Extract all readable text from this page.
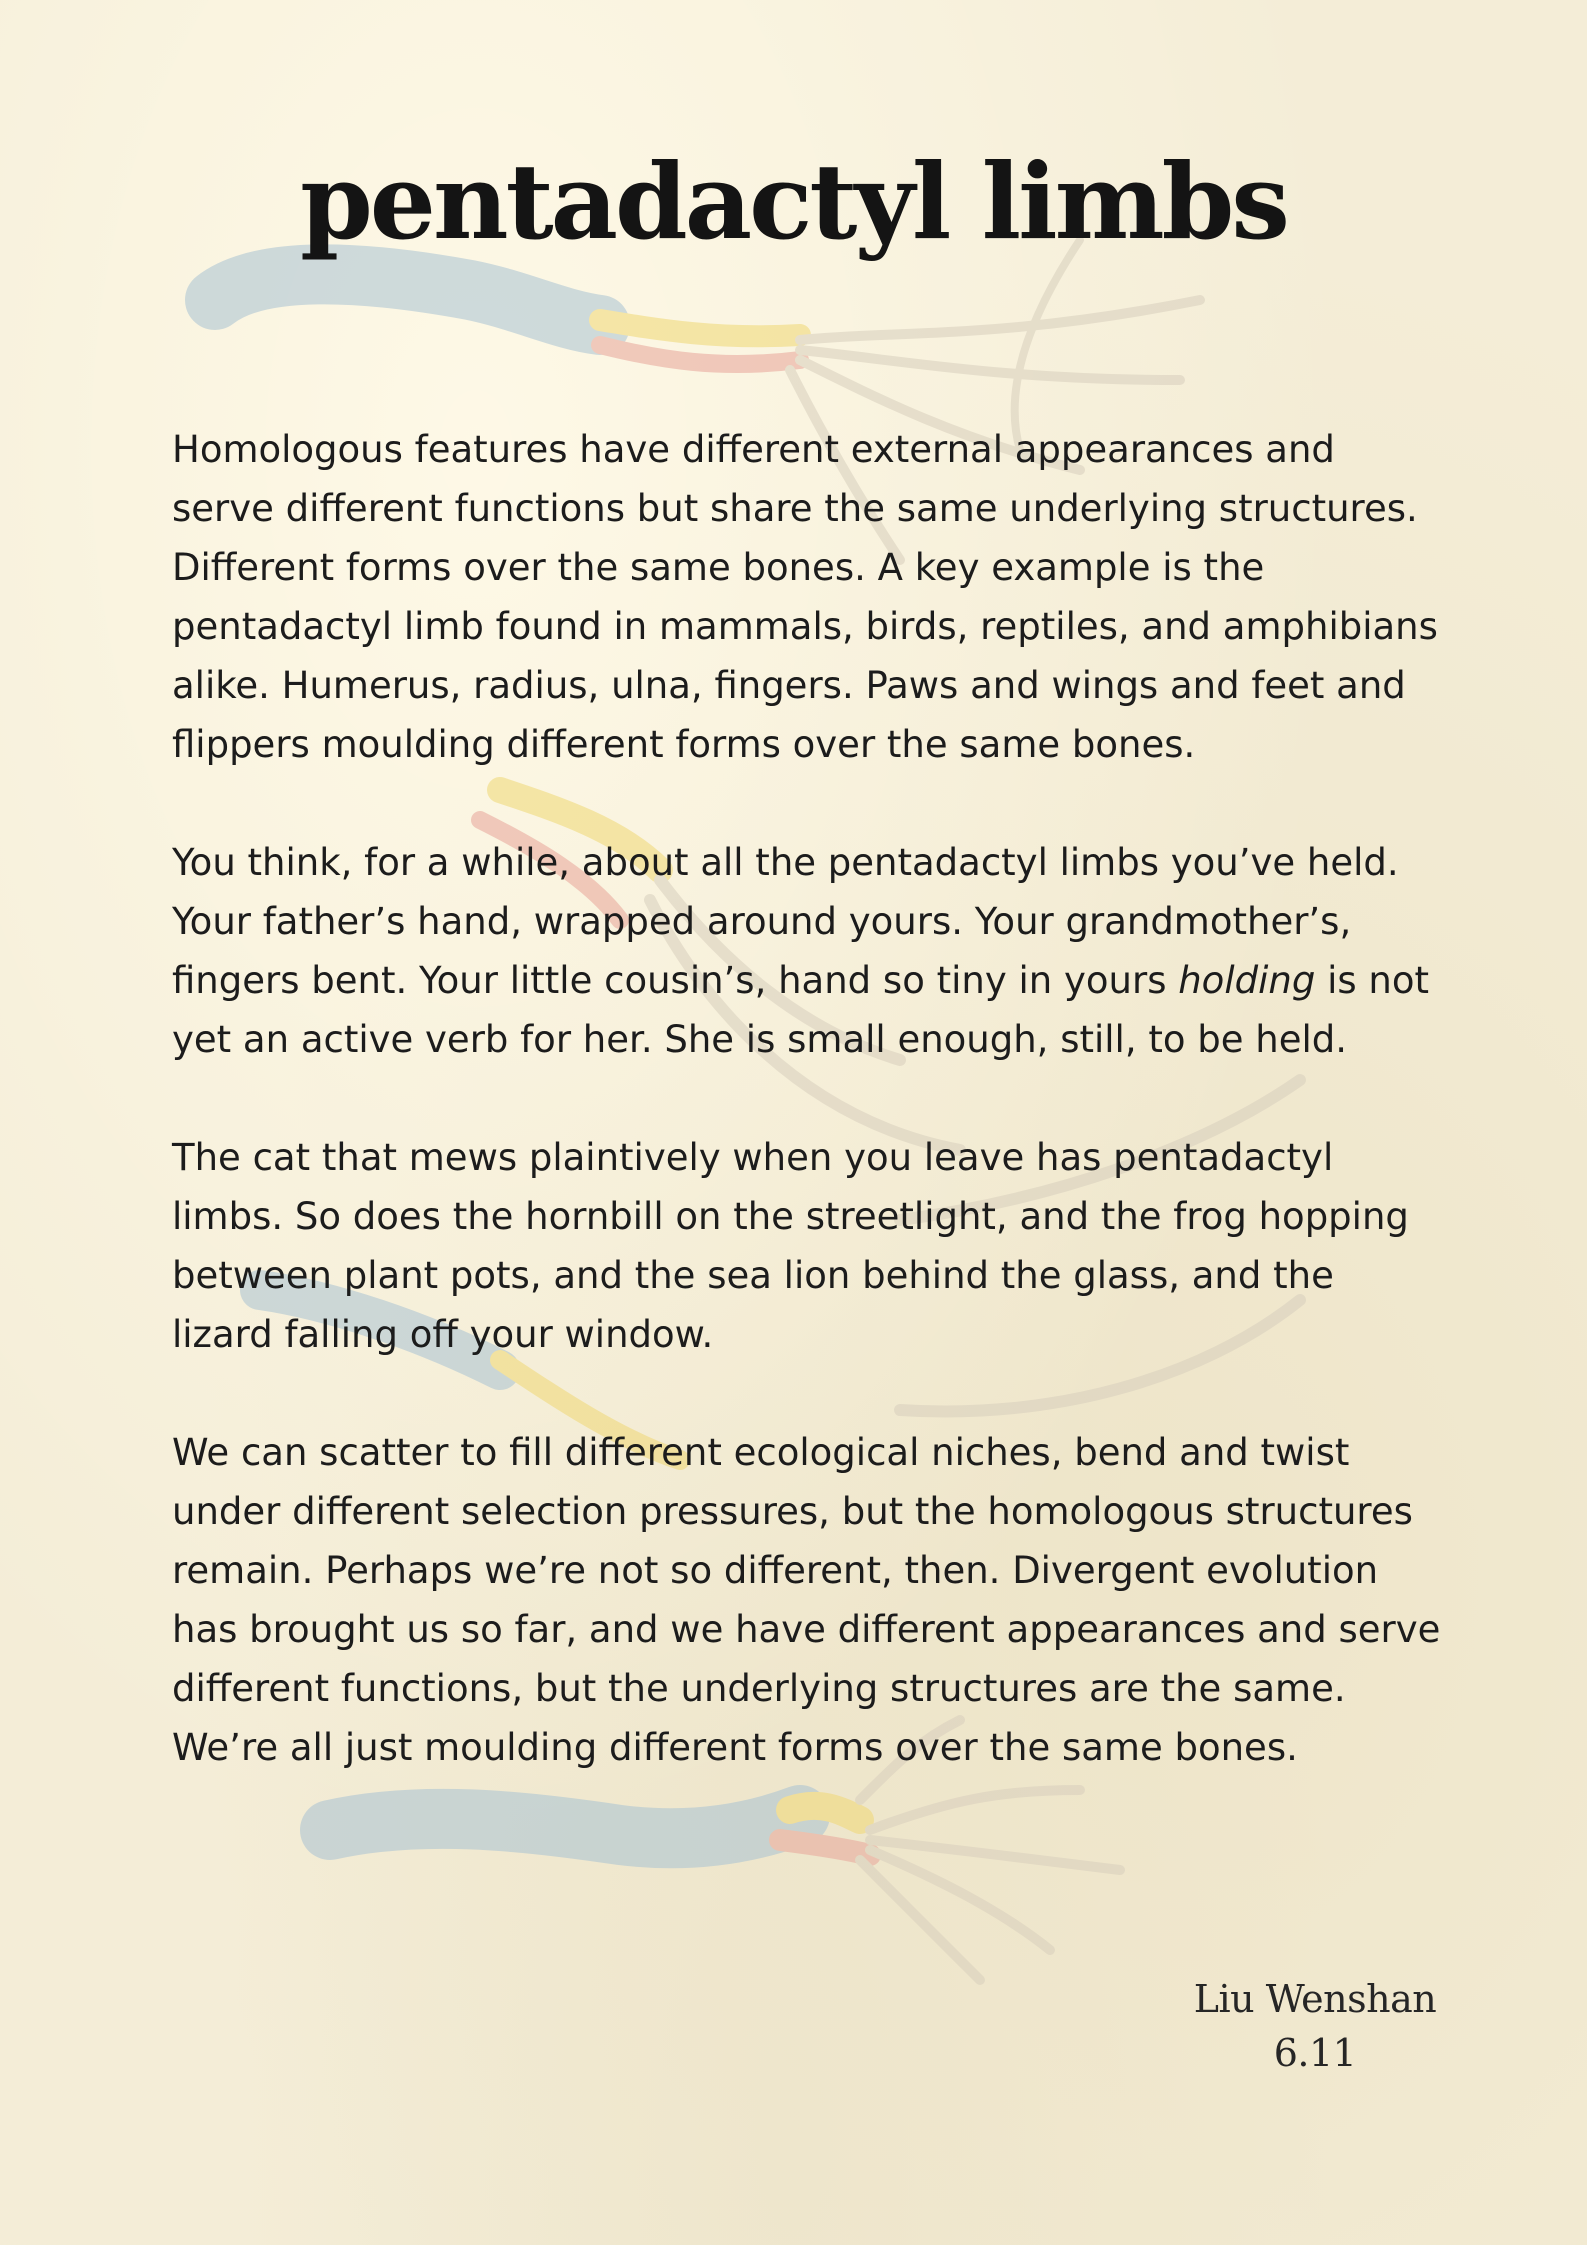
pentadactyl limbs

Homologous features have different external appearances and serve different functions but share the same underlying structures. Different forms over the same bones. A key example is the pentadactyl limb found in mammals, birds, reptiles, and amphibians alike. Humerus, radius, ulna, fingers. Paws and wings and feet and flippers moulding different forms over the same bones.

You think, for a while, about all the pentadactyl limbs you’ve held. Your father’s hand, wrapped around yours. Your grandmother’s, fingers bent. Your little cousin’s, hand so tiny in yours holding is not yet an active verb for her. She is small enough, still, to be held.

The cat that mews plaintively when you leave has pentadactyl limbs. So does the hornbill on the streetlight, and the frog hopping between plant pots, and the sea lion behind the glass, and the lizard falling off your window.

We can scatter to fill different ecological niches, bend and twist under different selection pressures, but the homologous structures remain. Perhaps we’re not so different, then. Divergent evolution has brought us so far, and we have different appearances and serve different functions, but the underlying structures are the same. We’re all just moulding different forms over the same bones.

Liu Wenshan
6.11
